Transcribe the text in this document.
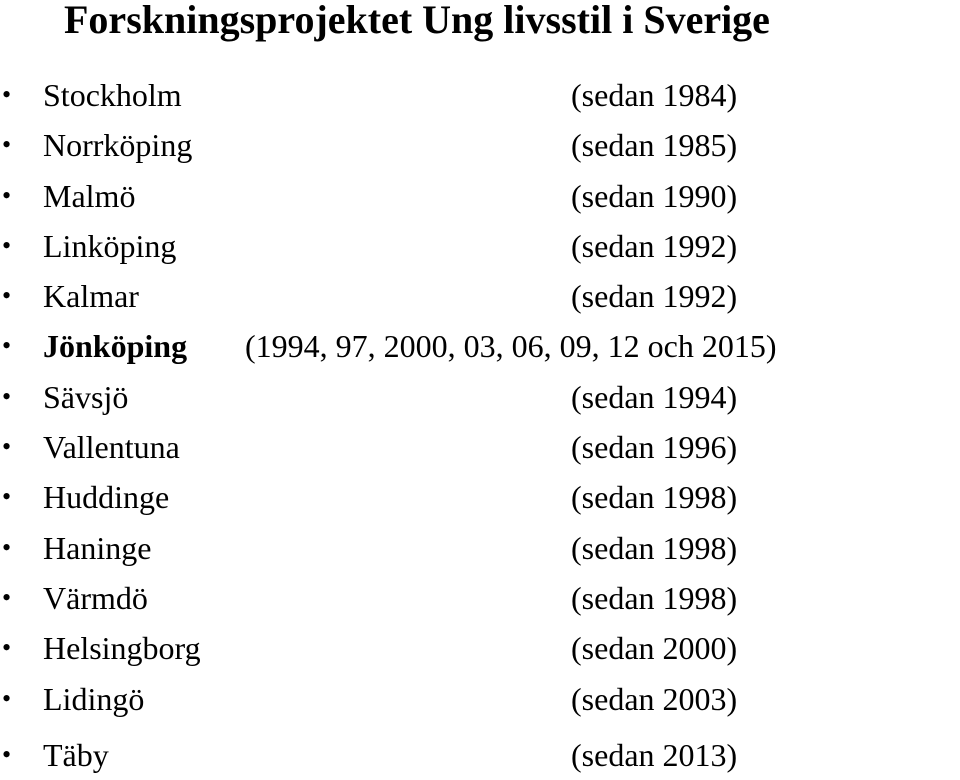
Forskningsprojektet Ung livsstil i Sverige
• Stockholm	(sedan 1984)
• Norrköping	(sedan 1985)
• Malmö	(sedan 1990)
• Linköping	(sedan 1992)
• Kalmar	(sedan 1992)
• Jönköping (1994, 97, 2000, 03, 06, 09, 12 och 2015)
• Sävsjö	(sedan 1994)
• Vallentuna	(sedan 1996)
• Huddinge	(sedan 1998)
• Haninge	(sedan 1998)
• Värmdö	(sedan 1998)
• Helsingborg	(sedan 2000)
• Lidingö	(sedan 2003)
• Täby	(sedan 2013)
